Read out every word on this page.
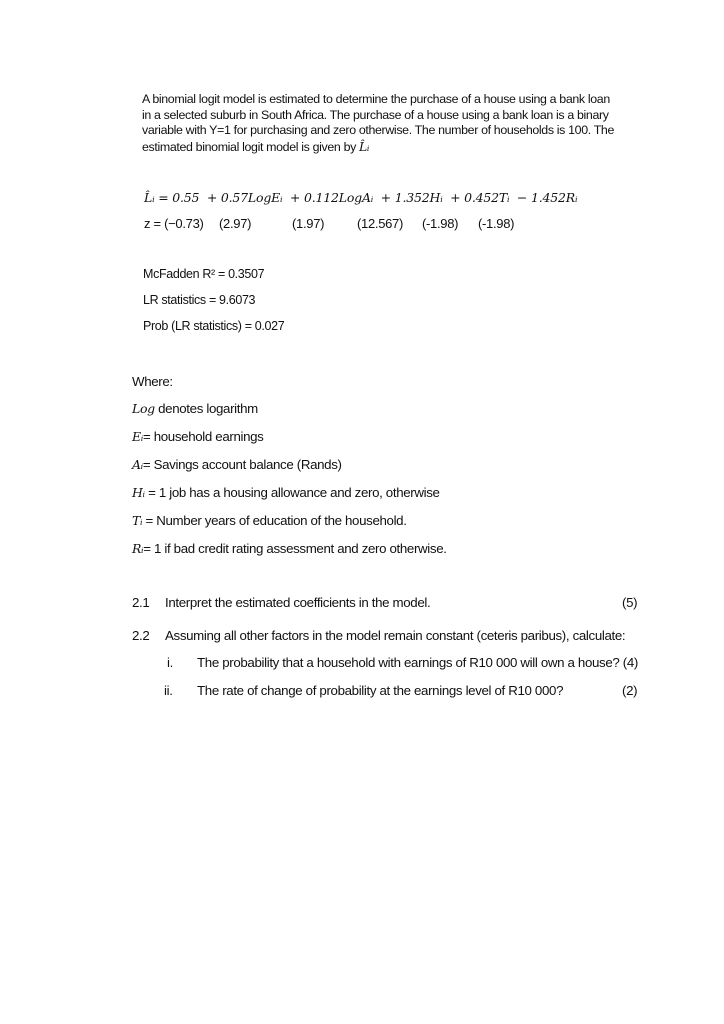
A binomial logit model is estimated to determine the purchase of a house using a bank loan
in a selected suburb in South Africa. The purchase of a house using a bank loan is a binary
variable with Y=1 for purchasing and zero otherwise. The number of households is 100. The
estimated binomial logit model is given by L̂ᵢ
L̂ᵢ = 0.55 + 0.57LogEᵢ + 0.112LogAᵢ + 1.352Hᵢ + 0.452Tᵢ − 1.452Rᵢ
z = (−0.73) (2.97)	(1.97)	(12.567) (-1.98) (-1.98)
McFadden R² = 0.3507
LR statistics = 9.6073
Prob (LR statistics) = 0.027
Where:
Log denotes logarithm
Eᵢ= household earnings
Aᵢ= Savings account balance (Rands)
Hᵢ = 1 job has a housing allowance and zero, otherwise
Tᵢ = Number years of education of the household.
Rᵢ= 1 if bad credit rating assessment and zero otherwise.
2.1 Interpret the estimated coefficients in the model.	(5)
2.2 Assuming all other factors in the model remain constant (ceteris paribus), calculate:
i. The probability that a household with earnings of R10 000 will own a house? (4)
ii. The rate of change of probability at the earnings level of R10 000?	(2)
